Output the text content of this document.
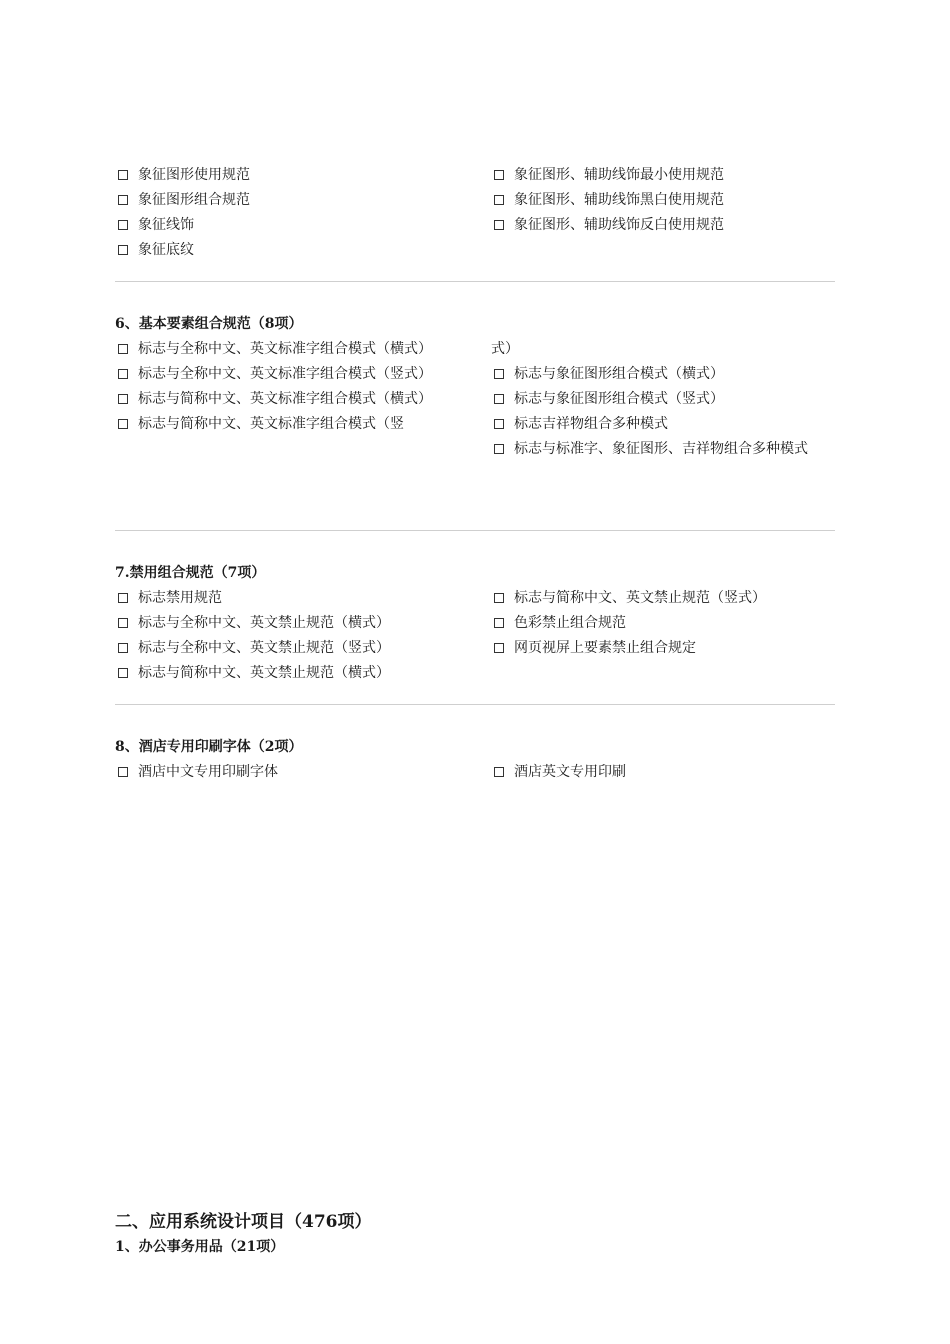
象征图形使用规范
象征图形组合规范
象征线饰
象征底纹
象征图形、辅助线饰最小使用规范
象征图形、辅助线饰黑白使用规范
象征图形、辅助线饰反白使用规范
6、基本要素组合规范（8项）
标志与全称中文、英文标准字组合模式（横式）
标志与全称中文、英文标准字组合模式（竖式）
标志与简称中文、英文标准字组合模式（横式）
标志与简称中文、英文标准字组合模式（竖
式）
标志与象征图形组合模式（横式）
标志与象征图形组合模式（竖式）
标志吉祥物组合多种模式
标志与标准字、象征图形、吉祥物组合多种模式
7.禁用组合规范（7项）
标志禁用规范
标志与全称中文、英文禁止规范（横式）
标志与全称中文、英文禁止规范（竖式）
标志与简称中文、英文禁止规范（横式）
标志与简称中文、英文禁止规范（竖式）
色彩禁止组合规范
网页视屏上要素禁止组合规定
8、酒店专用印刷字体（2项）
酒店中文专用印刷字体	酒店英文专用印刷
二、应用系统设计项目（476项）
1、办公事务用品（21项）
